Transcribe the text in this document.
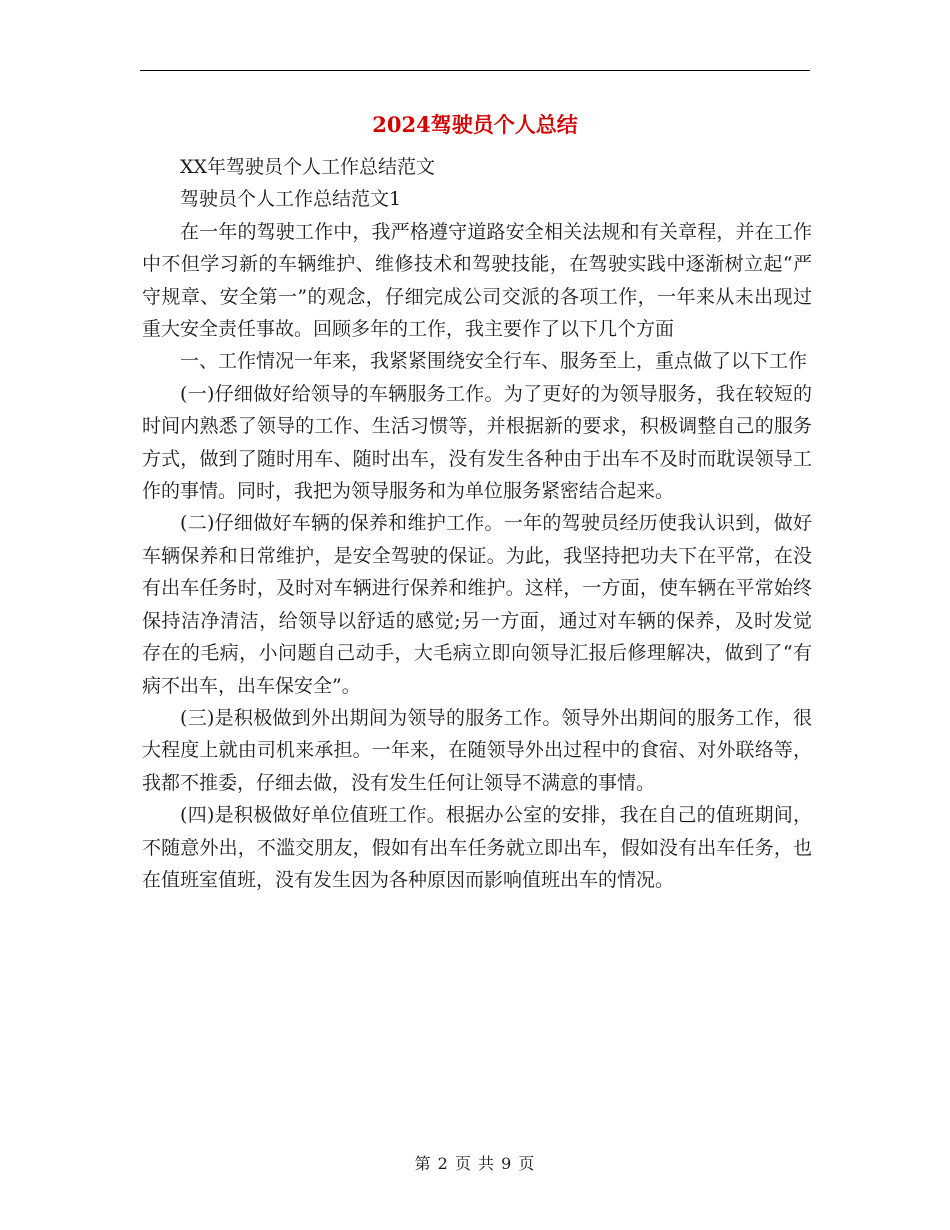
2024驾驶员个人总结

XX年驾驶员个人工作总结范文

驾驶员个人工作总结范文1

在一年的驾驶工作中，我严格遵守道路安全相关法规和有关章程，并在工作中不但学习新的车辆维护、维修技术和驾驶技能，在驾驶实践中逐渐树立起“严守规章、安全第一”的观念，仔细完成公司交派的各项工作，一年来从未出现过重大安全责任事故。回顾多年的工作，我主要作了以下几个方面

一、工作情况一年来，我紧紧围绕安全行车、服务至上，重点做了以下工作

(一)仔细做好给领导的车辆服务工作。为了更好的为领导服务，我在较短的时间内熟悉了领导的工作、生活习惯等，并根据新的要求，积极调整自己的服务方式，做到了随时用车、随时出车，没有发生各种由于出车不及时而耽误领导工作的事情。同时，我把为领导服务和为单位服务紧密结合起来。

(二)仔细做好车辆的保养和维护工作。一年的驾驶员经历使我认识到，做好车辆保养和日常维护，是安全驾驶的保证。为此，我坚持把功夫下在平常，在没有出车任务时，及时对车辆进行保养和维护。这样，一方面，使车辆在平常始终保持洁净清洁，给领导以舒适的感觉;另一方面，通过对车辆的保养，及时发觉存在的毛病，小问题自己动手，大毛病立即向领导汇报后修理解决，做到了“有病不出车，出车保安全”。

(三)是积极做到外出期间为领导的服务工作。领导外出期间的服务工作，很大程度上就由司机来承担。一年来，在随领导外出过程中的食宿、对外联络等，我都不推委，仔细去做，没有发生任何让领导不满意的事情。

(四)是积极做好单位值班工作。根据办公室的安排，我在自己的值班期间，不随意外出，不滥交朋友，假如有出车任务就立即出车，假如没有出车任务，也在值班室值班，没有发生因为各种原因而影响值班出车的情况。

第 2 页 共 9 页
